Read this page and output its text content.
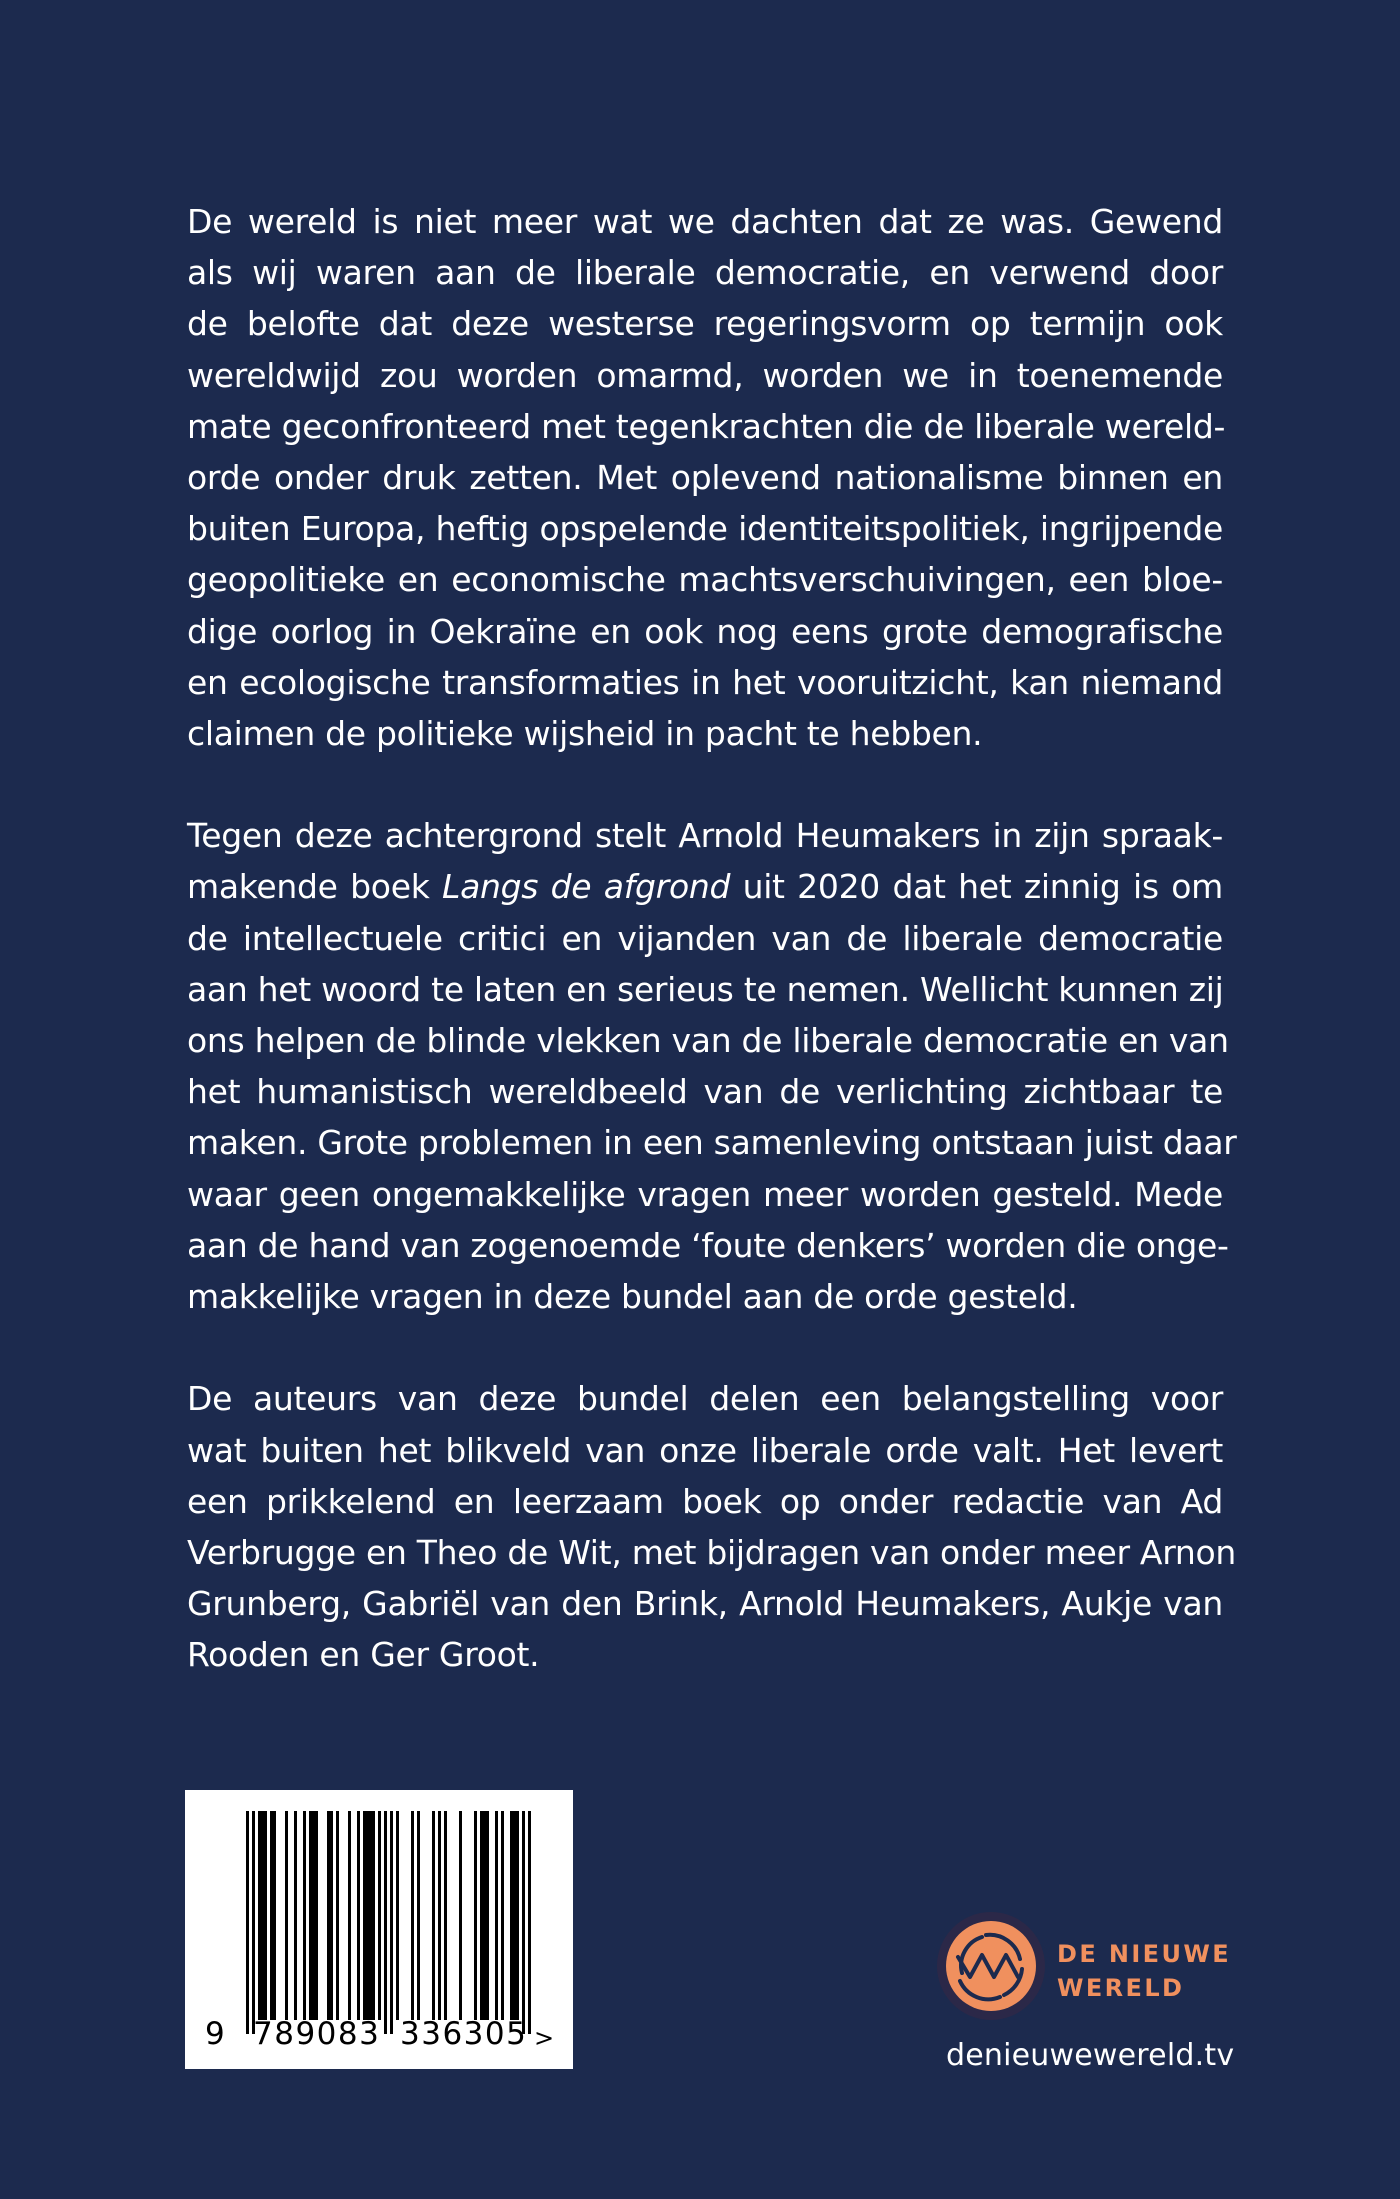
De wereld is niet meer wat we dachten dat ze was. Gewend
als wij waren aan de liberale democratie, en verwend door
de belofte dat deze westerse regeringsvorm op termijn ook
wereldwijd zou worden omarmd, worden we in toenemende
mate geconfronteerd met tegenkrachten die de liberale wereld-
orde onder druk zetten. Met oplevend nationalisme binnen en
buiten Europa, heftig opspelende identiteitspolitiek, ingrijpende
geopolitieke en economische machtsverschuivingen, een bloe-
dige oorlog in Oekraïne en ook nog eens grote demografische
en ecologische transformaties in het vooruitzicht, kan niemand
claimen de politieke wijsheid in pacht te hebben.
Tegen deze achtergrond stelt Arnold Heumakers in zijn spraak-
makende boek Langs de afgrond uit 2020 dat het zinnig is om
de intellectuele critici en vijanden van de liberale democratie
aan het woord te laten en serieus te nemen. Wellicht kunnen zij
ons helpen de blinde vlekken van de liberale democratie en van
het humanistisch wereldbeeld van de verlichting zichtbaar te
maken. Grote problemen in een samenleving ontstaan juist daar
waar geen ongemakkelijke vragen meer worden gesteld. Mede
aan de hand van zogenoemde ‘foute denkers’ worden die onge-
makkelijke vragen in deze bundel aan de orde gesteld.
De auteurs van deze bundel delen een belangstelling voor
wat buiten het blikveld van onze liberale orde valt. Het levert
een prikkelend en leerzaam boek op onder redactie van Ad
Verbrugge en Theo de Wit, met bijdragen van onder meer Arnon
Grunberg, Gabriël van den Brink, Arnold Heumakers, Aukje van
Rooden en Ger Groot.
9 789083 336305 >
DE NIEUWE
WERELD
denieuwewereld.tv
